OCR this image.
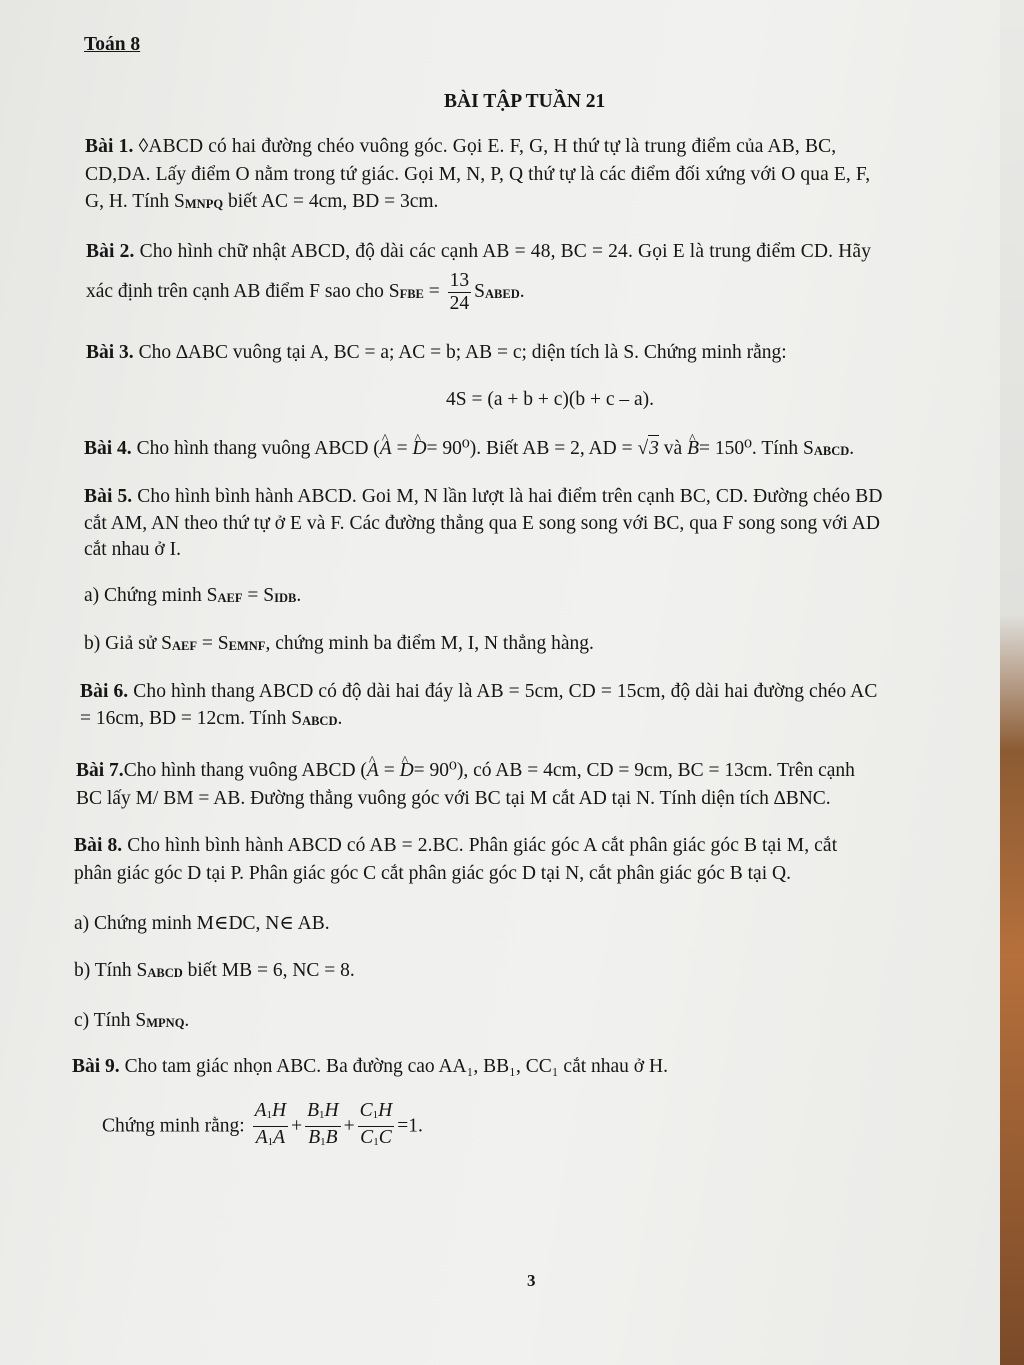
Toán 8

BÀI TẬP TUẦN 21

Bài 1. ◊ABCD có hai đường chéo vuông góc. Gọi E. F, G, H thứ tự là trung điểm của AB, BC,

CD,DA. Lấy điểm O nằm trong tứ giác. Gọi M, N, P, Q thứ tự là các điểm đối xứng với O qua E, F,

G, H. Tính SMNPQ biết AC = 4cm, BD = 3cm.

Bài 2. Cho hình chữ nhật ABCD, độ dài các cạnh AB = 48, BC = 24. Gọi E là trung điểm CD. Hãy

xác định trên cạnh AB điểm F sao cho SFBE = $\frac{13}{24}$ SABED.

Bài 3. Cho ∆ABC vuông tại A, BC = a; AC = b; AB = c; diện tích là S. Chứng minh rằng:

4S = (a + b + c)(b + c – a).

Bài 4. Cho hình thang vuông ABCD (^ A = ^ D= 90⁰). Biết AB = 2, AD = √3 và ^ B= 150⁰. Tính SABCD.

Bài 5. Cho hình bình hành ABCD. Goi M, N lần lượt là hai điểm trên cạnh BC, CD. Đường chéo BD

cắt AM, AN theo thứ tự ở E và F. Các đường thẳng qua E song song với BC, qua F song song với AD

cắt nhau ở I.

a) Chứng minh SAEF = SIDB.

b) Giả sử SAEF = SEMNF, chứng minh ba điểm M, I, N thẳng hàng.

Bài 6. Cho hình thang ABCD có độ dài hai đáy là AB = 5cm, CD = 15cm, độ dài hai đường chéo AC

= 16cm, BD = 12cm. Tính SABCD.

Bài 7.Cho hình thang vuông ABCD (^ A = ^ D= 90⁰), có AB = 4cm, CD = 9cm, BC = 13cm. Trên cạnh

BC lấy M/ BM = AB. Đường thẳng vuông góc với BC tại M cắt AD tại N. Tính diện tích ∆BNC.

Bài 8. Cho hình bình hành ABCD có AB = 2.BC. Phân giác góc A cắt phân giác góc B tại M, cắt

phân giác góc D tại P. Phân giác góc C cắt phân giác góc D tại N, cắt phân giác góc B tại Q.

a) Chứng minh M∈DC, N∈ AB.

b) Tính SABCD biết MB = 6, NC = 8.

c) Tính SMPNQ.

Bài 9. Cho tam giác nhọn ABC. Ba đường cao AA₁, BB₁, CC₁ cắt nhau ở H.

Chứng minh rằng: $\frac{A_1H}{A_1A} + \frac{B_1H}{B_1B} + \frac{C_1H}{C_1C} =1$.

3
